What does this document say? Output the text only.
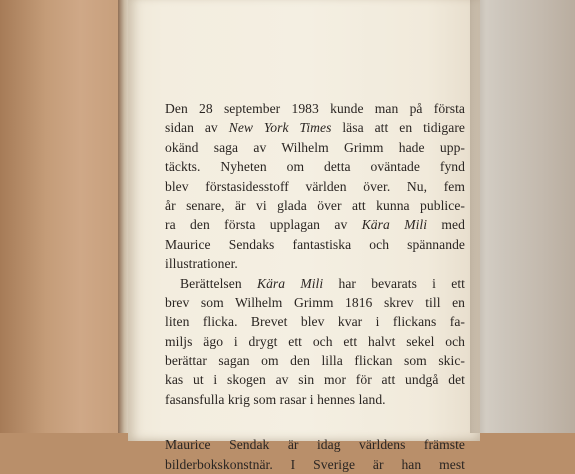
Den 28 september 1983 kunde man på första
sidan av New York Times läsa att en tidigare
okänd saga av Wilhelm Grimm hade upp-
täckts. Nyheten om detta oväntade fynd
blev förstasidesstoff världen över. Nu, fem
år senare, är vi glada över att kunna publice-
ra den första upplagan av Kära Mili med
Maurice Sendaks fantastiska och spännande
illustrationer.
Berättelsen Kära Mili har bevarats i ett
brev som Wilhelm Grimm 1816 skrev till en
liten flicka. Brevet blev kvar i flickans fa-
miljs ägo i drygt ett och ett halvt sekel och
berättar sagan om den lilla flickan som skic-
kas ut i skogen av sin mor för att undgå det
fasansfulla krig som rasar i hennes land.
Maurice Sendak är idag världens främste
bilderbokskonstnär. I Sverige är han mest
